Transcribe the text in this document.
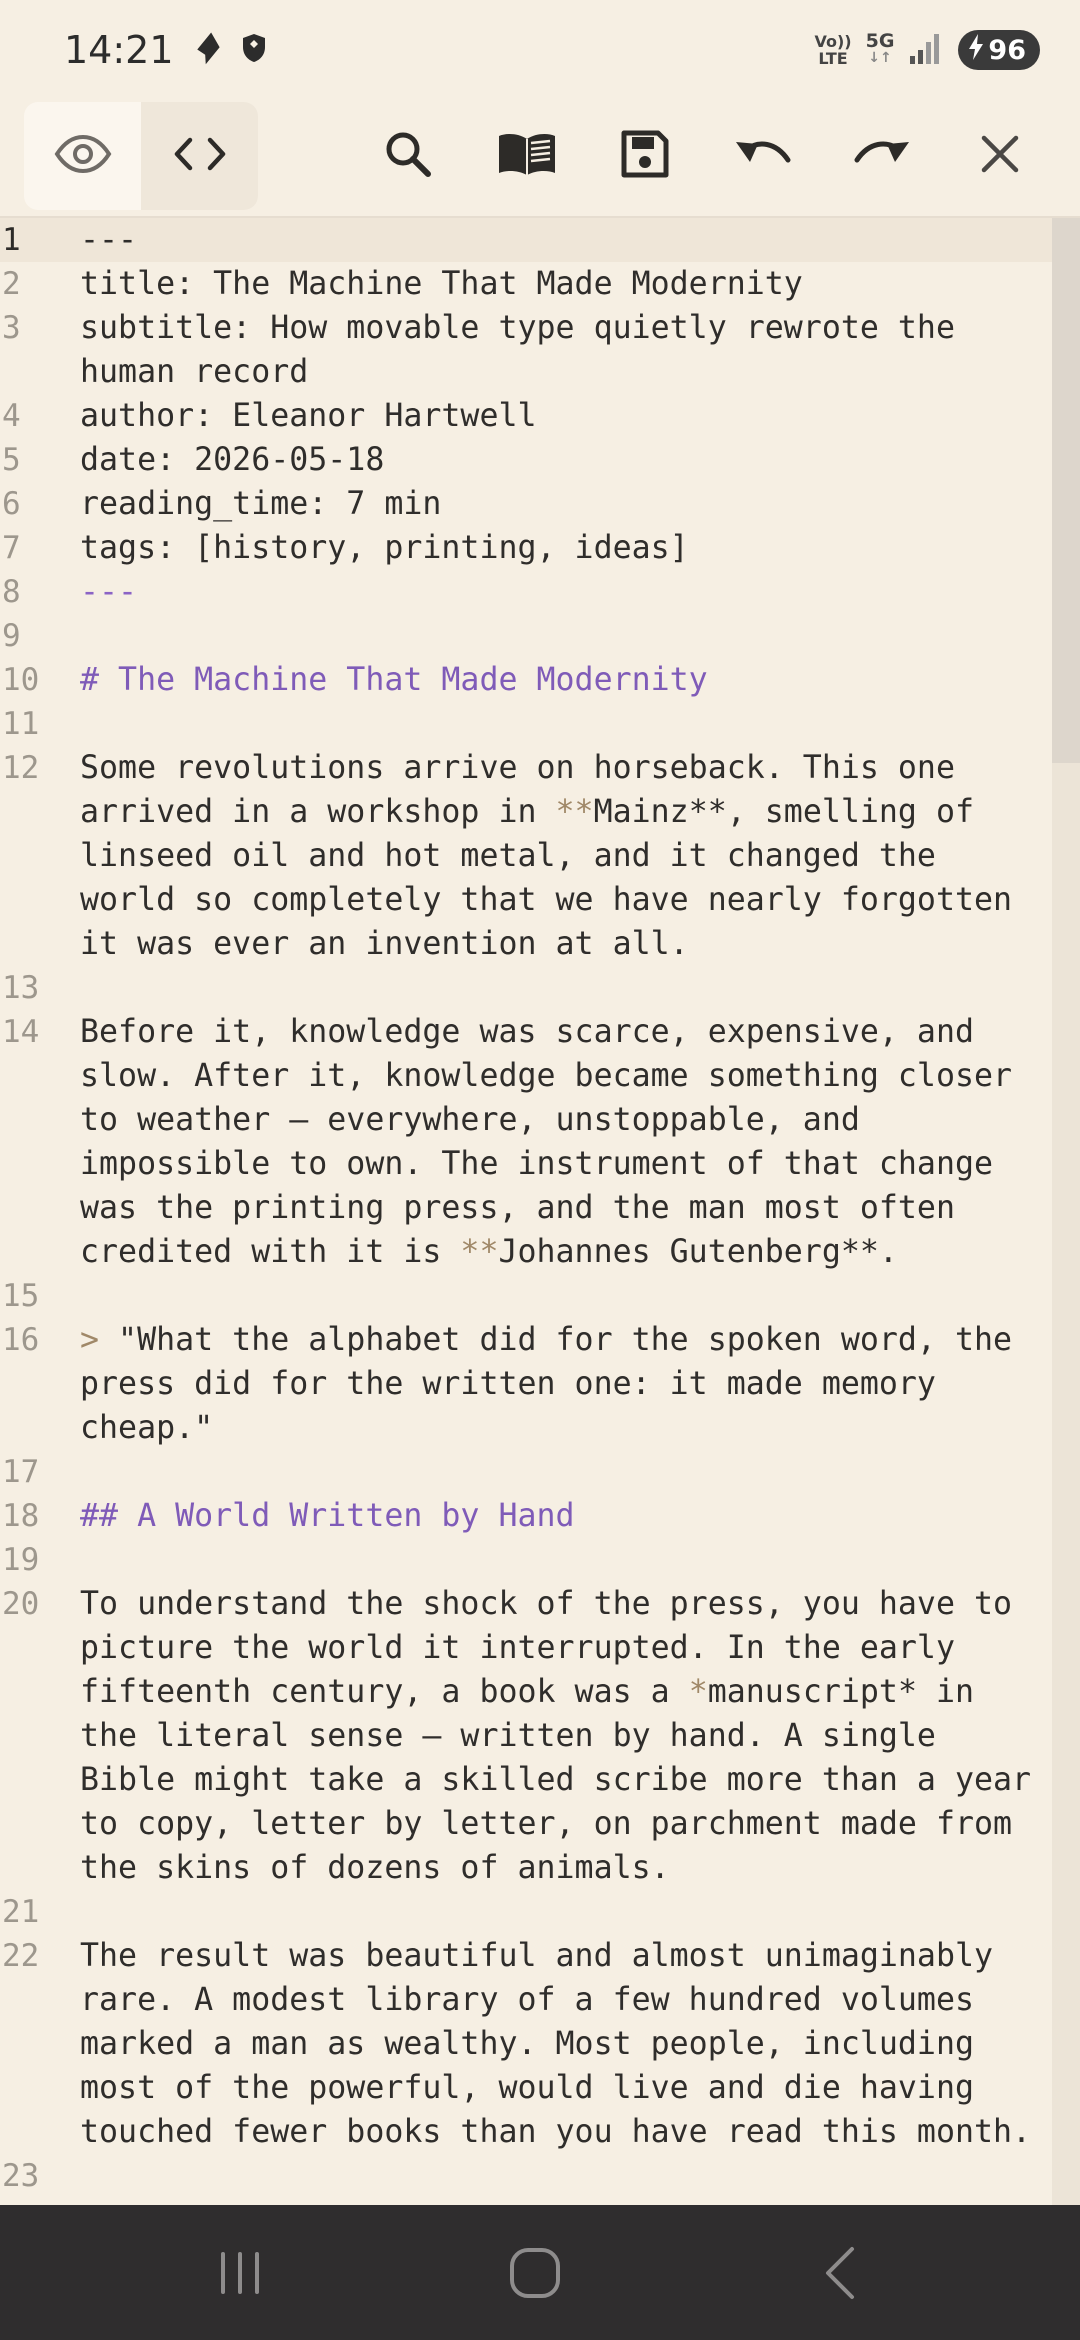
14:21	Vo))
LTE
5G
↓↑	96
1	---
2	title: The Machine That Made Modernity
3	subtitle: How movable type quietly rewrote the human record
4	author: Eleanor Hartwell
5	date: 2026-05-18
6	reading_time: 7 min
7	tags: [history, printing, ideas]
8	---
9
10	# The Machine That Made Modernity
11
12	Some revolutions arrive on horseback. This one arrived in a workshop in **Mainz**, smelling of linseed oil and hot metal, and it changed the world so completely that we have nearly forgotten it was ever an invention at all.
13
14	Before it, knowledge was scarce, expensive, and slow. After it, knowledge became something closer to weather — everywhere, unstoppable, and impossible to own. The instrument of that change was the printing press, and the man most often credited with it is **Johannes Gutenberg**.
15
16	> "What the alphabet did for the spoken word, the press did for the written one: it made memory cheap."
17
18	## A World Written by Hand
19
20	To understand the shock of the press, you have to picture the world it interrupted. In the early fifteenth century, a book was a *manuscript* in the literal sense — written by hand. A single Bible might take a skilled scribe more than a year to copy, letter by letter, on parchment made from the skins of dozens of animals.
21
22	The result was beautiful and almost unimaginably rare. A modest library of a few hundred volumes marked a man as wealthy. Most people, including most of the powerful, would live and die having touched fewer books than you have read this month.
23
